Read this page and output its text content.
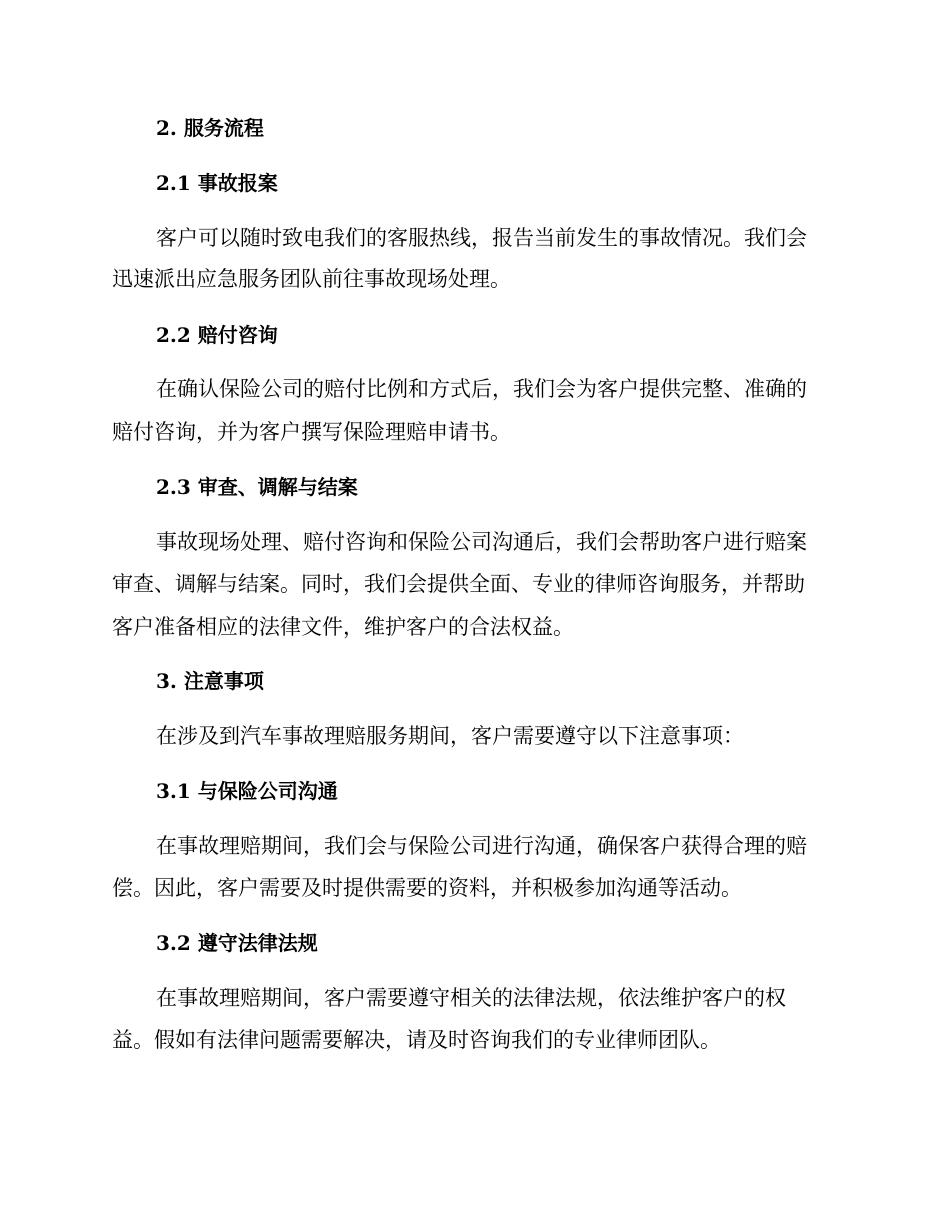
2. 服务流程
2.1 事故报案
客户可以随时致电我们的客服热线，报告当前发生的事故情况。我们会
迅速派出应急服务团队前往事故现场处理。
2.2 赔付咨询
在确认保险公司的赔付比例和方式后，我们会为客户提供完整、准确的
赔付咨询，并为客户撰写保险理赔申请书。
2.3 审查、调解与结案
事故现场处理、赔付咨询和保险公司沟通后，我们会帮助客户进行赔案
审查、调解与结案。同时，我们会提供全面、专业的律师咨询服务，并帮助
客户准备相应的法律文件，维护客户的合法权益。
3. 注意事项
在涉及到汽车事故理赔服务期间，客户需要遵守以下注意事项：
3.1 与保险公司沟通
在事故理赔期间，我们会与保险公司进行沟通，确保客户获得合理的赔
偿。因此，客户需要及时提供需要的资料，并积极参加沟通等活动。
3.2 遵守法律法规
在事故理赔期间，客户需要遵守相关的法律法规，依法维护客户的权
益。假如有法律问题需要解决，请及时咨询我们的专业律师团队。
